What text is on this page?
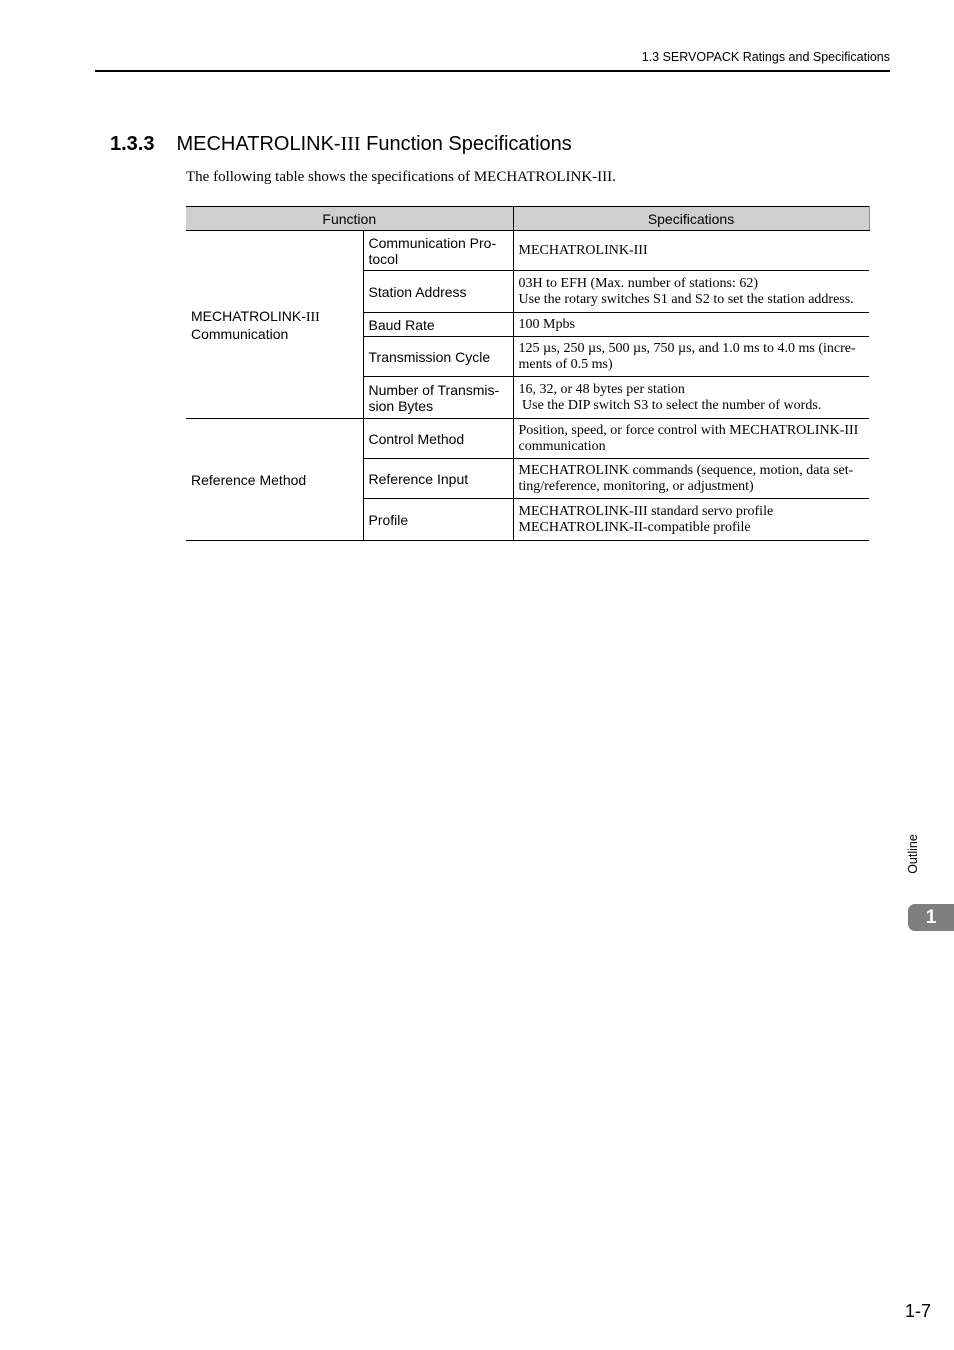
1.3 SERVOPACK Ratings and Specifications
1.3.3 MECHATROLINK-III Function Specifications
The following table shows the specifications of MECHATROLINK-III.
Function		Specifications

MECHATROLINK-III
Communication	Communication Pro-tocol	MECHATROLINK-III

	Station Address	03H to EFH (Max. number of stations: 62)
Use the rotary switches S1 and S2 to set the station address.

	Baud Rate	100 Mpbs

	Transmission Cycle	125 µs, 250 µs, 500 µs, 750 µs, and 1.0 ms to 4.0 ms (incre-ments of 0.5 ms)

	Number of Transmis-sion Bytes	16, 32, or 48 bytes per station
Use the DIP switch S3 to select the number of words.

Reference Method	Control Method	Position, speed, or force control with MECHATROLINK-III communication

	Reference Input	MECHATROLINK commands (sequence, motion, data set-ting/reference, monitoring, or adjustment)

	Profile	MECHATROLINK-III standard servo profile
MECHATROLINK-II-compatible profile
Outline
1
1-7
